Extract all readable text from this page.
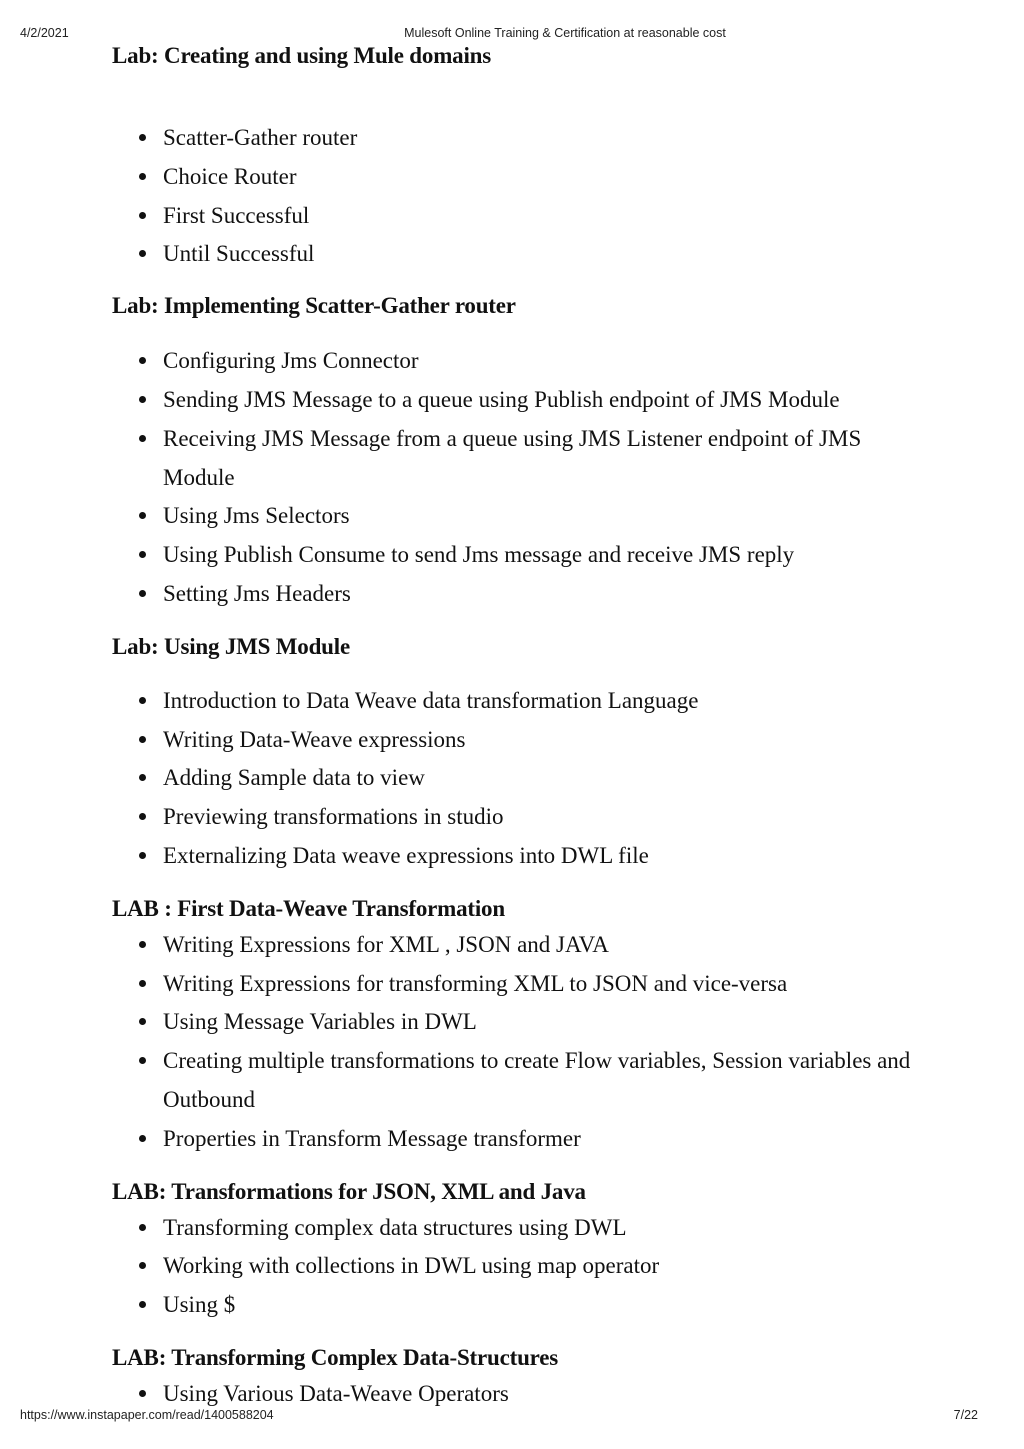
4/2/2021	Mulesoft Online Training & Certification at reasonable cost
Lab: Creating and using Mule domains
Scatter-Gather router
Choice Router
First Successful
Until Successful
Lab: Implementing Scatter-Gather router
Configuring Jms Connector
Sending JMS Message to a queue using Publish endpoint of JMS Module
Receiving JMS Message from a queue using JMS Listener endpoint of JMS Module
Using Jms Selectors
Using Publish Consume to send Jms message and receive JMS reply
Setting Jms Headers
Lab: Using JMS Module
Introduction to Data Weave data transformation Language
Writing Data-Weave expressions
Adding Sample data to view
Previewing transformations in studio
Externalizing Data weave expressions into DWL file
LAB : First Data-Weave Transformation
Writing Expressions for XML , JSON and JAVA
Writing Expressions for transforming XML to JSON and vice-versa
Using Message Variables in DWL
Creating multiple transformations to create Flow variables, Session variables and Outbound
Properties in Transform Message transformer
LAB: Transformations for JSON, XML and Java
Transforming complex data structures using DWL
Working with collections in DWL using map operator
Using $
LAB: Transforming Complex Data-Structures
Using Various Data-Weave Operators
https://www.instapaper.com/read/1400588204	7/22
